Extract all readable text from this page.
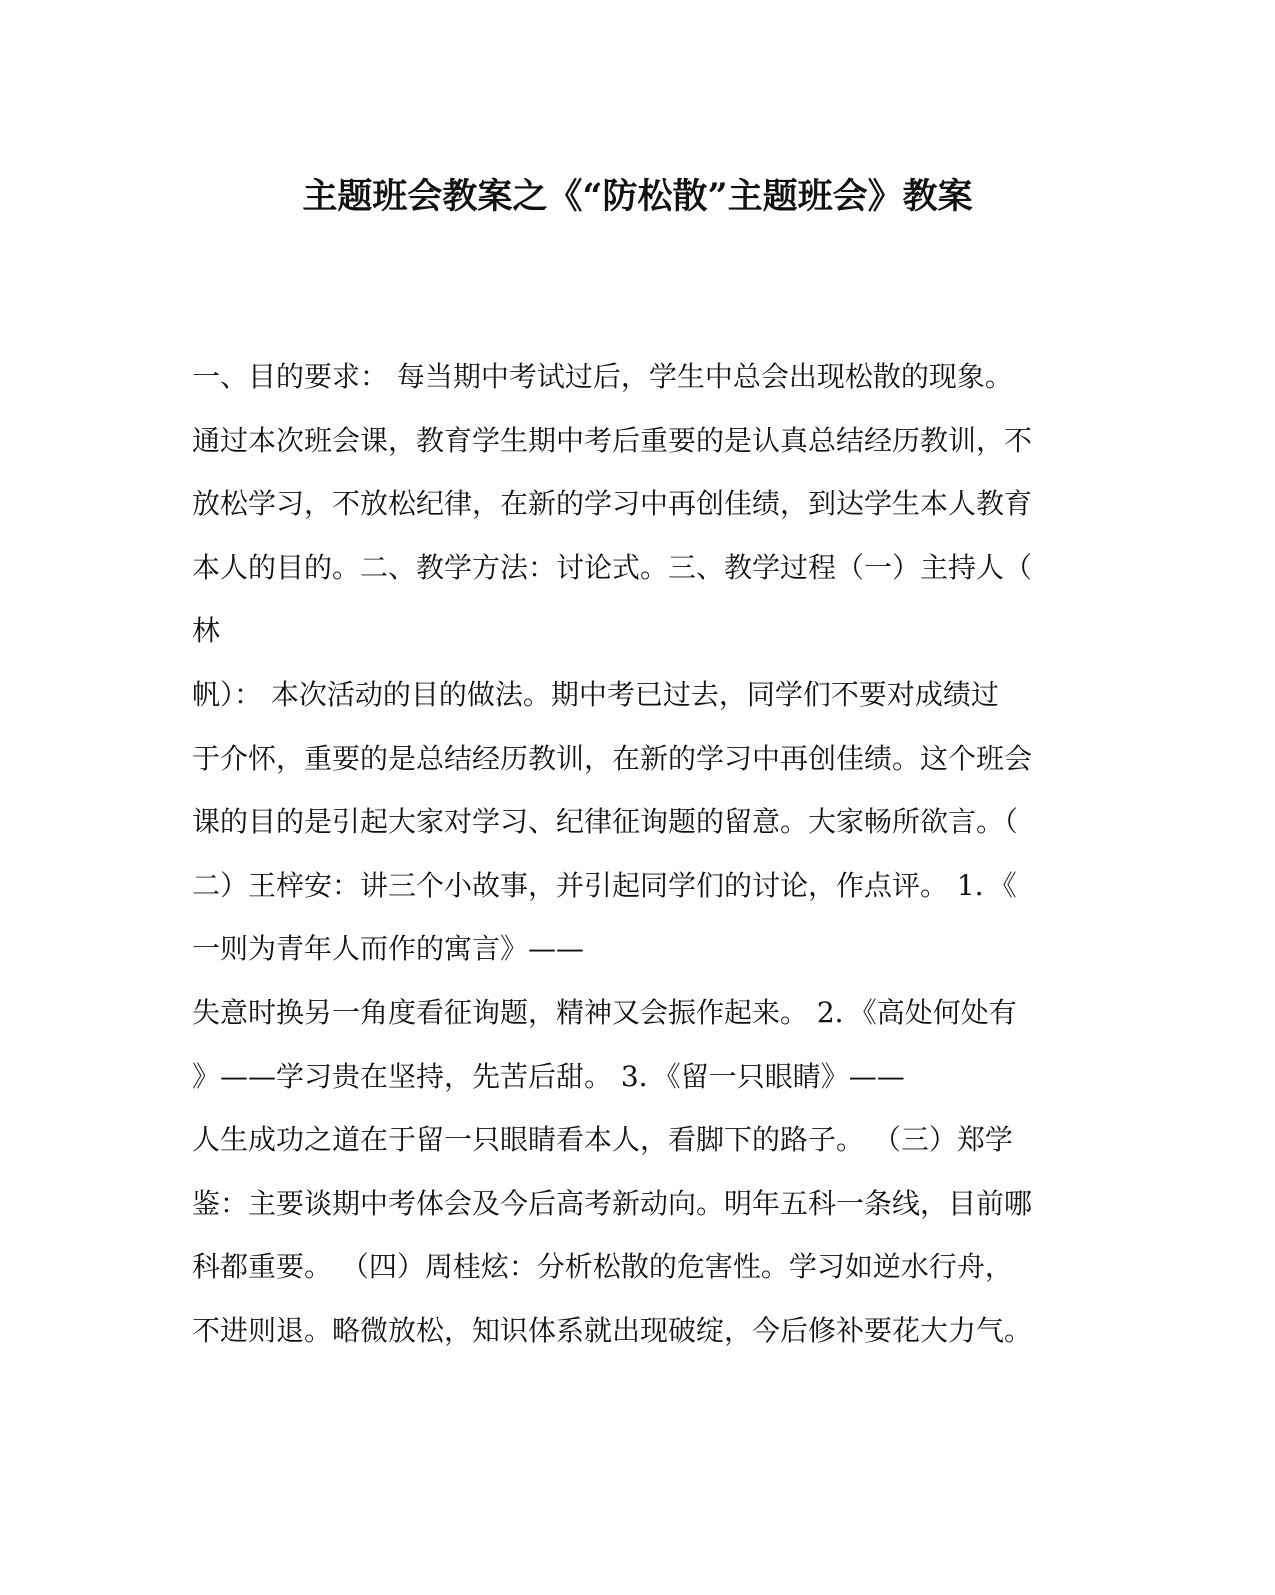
主题班会教案之《“防松散”主题班会》教案
一、目的要求： 每当期中考试过后，学生中总会出现松散的现象。
通过本次班会课，教育学生期中考后重要的是认真总结经历教训，不
放松学习，不放松纪律，在新的学习中再创佳绩，到达学生本人教育
本人的目的。二、教学方法：讨论式。三、教学过程（一）主持人（
林
帆）： 本次活动的目的做法。期中考已过去，同学们不要对成绩过
于介怀，重要的是总结经历教训，在新的学习中再创佳绩。这个班会
课的目的是引起大家对学习、纪律征询题的留意。大家畅所欲言。（
二）王梓安：讲三个小故事，并引起同学们的讨论，作点评。 1．《
一则为青年人而作的寓言》——
失意时换另一角度看征询题，精神又会振作起来。 2．《高处何处有
》——学习贵在坚持，先苦后甜。 3．《留一只眼睛》——
人生成功之道在于留一只眼睛看本人，看脚下的路子。 （三）郑学
鉴：主要谈期中考体会及今后高考新动向。明年五科一条线，目前哪
科都重要。 （四）周桂炫：分析松散的危害性。学习如逆水行舟，
不进则退。略微放松，知识体系就出现破绽，今后修补要花大力气。
